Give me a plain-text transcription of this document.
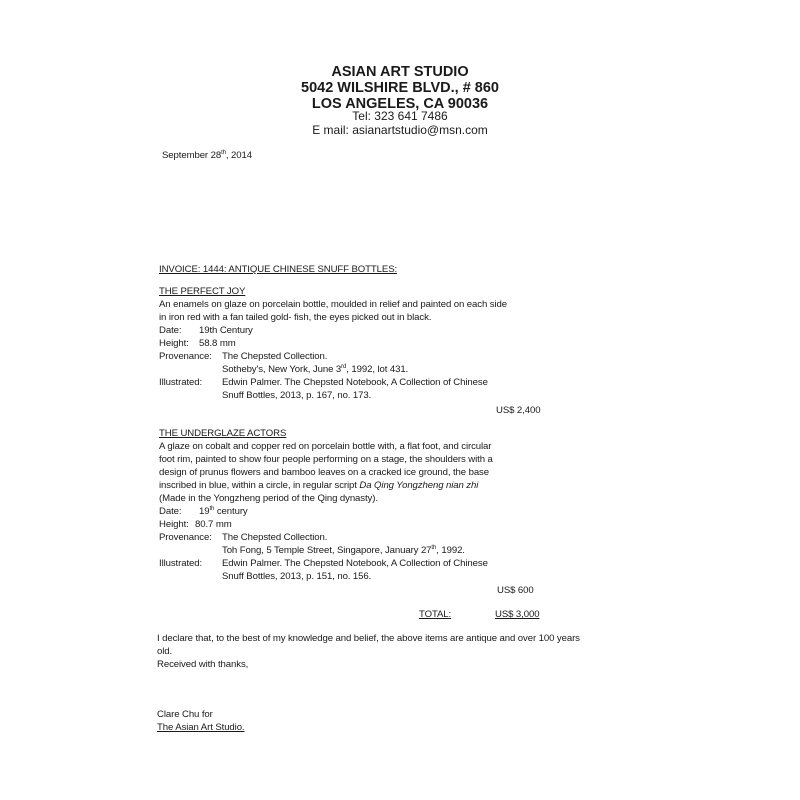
ASIAN ART STUDIO
5042 WILSHIRE BLVD., # 860
LOS ANGELES, CA 90036
Tel: 323 641 7486
E mail: asianartstudio@msn.com
September 28th, 2014
INVOICE: 1444: ANTIQUE CHINESE SNUFF BOTTLES:
THE PERFECT JOY
An enamels on glaze on porcelain bottle, moulded in relief and painted on each side
in iron red with a fan tailed gold- fish, the eyes picked out in black.
Date: 19th Century
Height: 58.8 mm
Provenance: The Chepsted Collection.
Sotheby's, New York, June 3rd, 1992, lot 431.
Illustrated: Edwin Palmer. The Chepsted Notebook, A Collection of Chinese
Snuff Bottles, 2013, p. 167, no. 173.
US$ 2,400
THE UNDERGLAZE ACTORS
A glaze on cobalt and copper red on porcelain bottle with, a flat foot, and circular
foot rim, painted to show four people performing on a stage, the shoulders with a
design of prunus flowers and bamboo leaves on a cracked ice ground, the base
inscribed in blue, within a circle, in regular script Da Qing Yongzheng nian zhi
(Made in the Yongzheng period of the Qing dynasty).
Date: 19th century
Height: 80.7 mm
Provenance: The Chepsted Collection.
Toh Fong, 5 Temple Street, Singapore, January 27th, 1992.
Illustrated: Edwin Palmer. The Chepsted Notebook, A Collection of Chinese
Snuff Bottles, 2013, p. 151, no. 156.
US$ 600
TOTAL:	US$ 3,000
I declare that, to the best of my knowledge and belief, the above items are antique and over 100 years
old.
Received with thanks,
Clare Chu for
The Asian Art Studio.
